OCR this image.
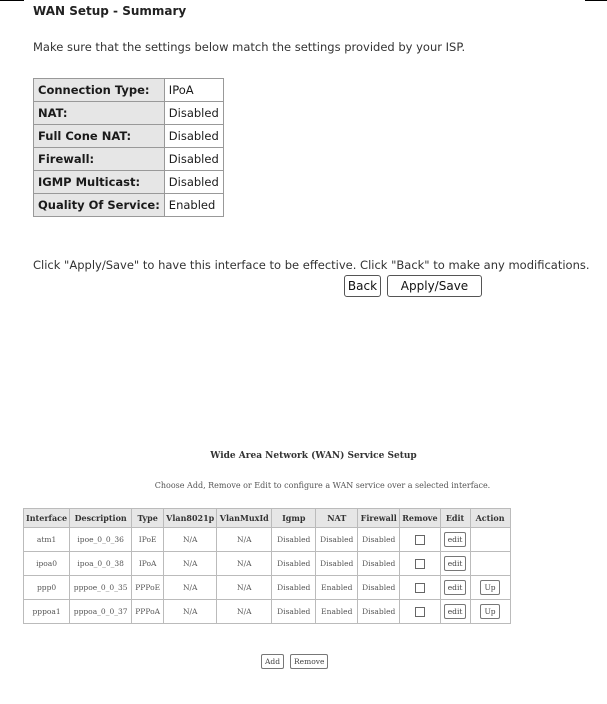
WAN Setup - Summary
Make sure that the settings below match the settings provided by your ISP.
Connection Type:	IPoA
NAT:	Disabled
Full Cone NAT:	Disabled
Firewall:	Disabled
IGMP Multicast:	Disabled
Quality Of Service:	Enabled
Click "Apply/Save" to have this interface to be effective. Click "Back" to make any modifications.
Back	Apply/Save
Wide Area Network (WAN) Service Setup
Choose Add, Remove or Edit to configure a WAN service over a selected interface.
Interface	Description	Type	Vlan8021p	VlanMuxId	Igmp	NAT	Firewall	Remove	Edit	Action
atm1	ipoe_0_0_36	IPoE	N/A	N/A	Disabled	Disabled	Disabled		edit	
ipoa0	ipoa_0_0_38	IPoA	N/A	N/A	Disabled	Disabled	Disabled		edit	
ppp0	pppoe_0_0_35	PPPoE	N/A	N/A	Disabled	Enabled	Disabled		edit	Up
pppoa1	pppoa_0_0_37	PPPoA	N/A	N/A	Disabled	Enabled	Disabled		edit	Up
Add	Remove
